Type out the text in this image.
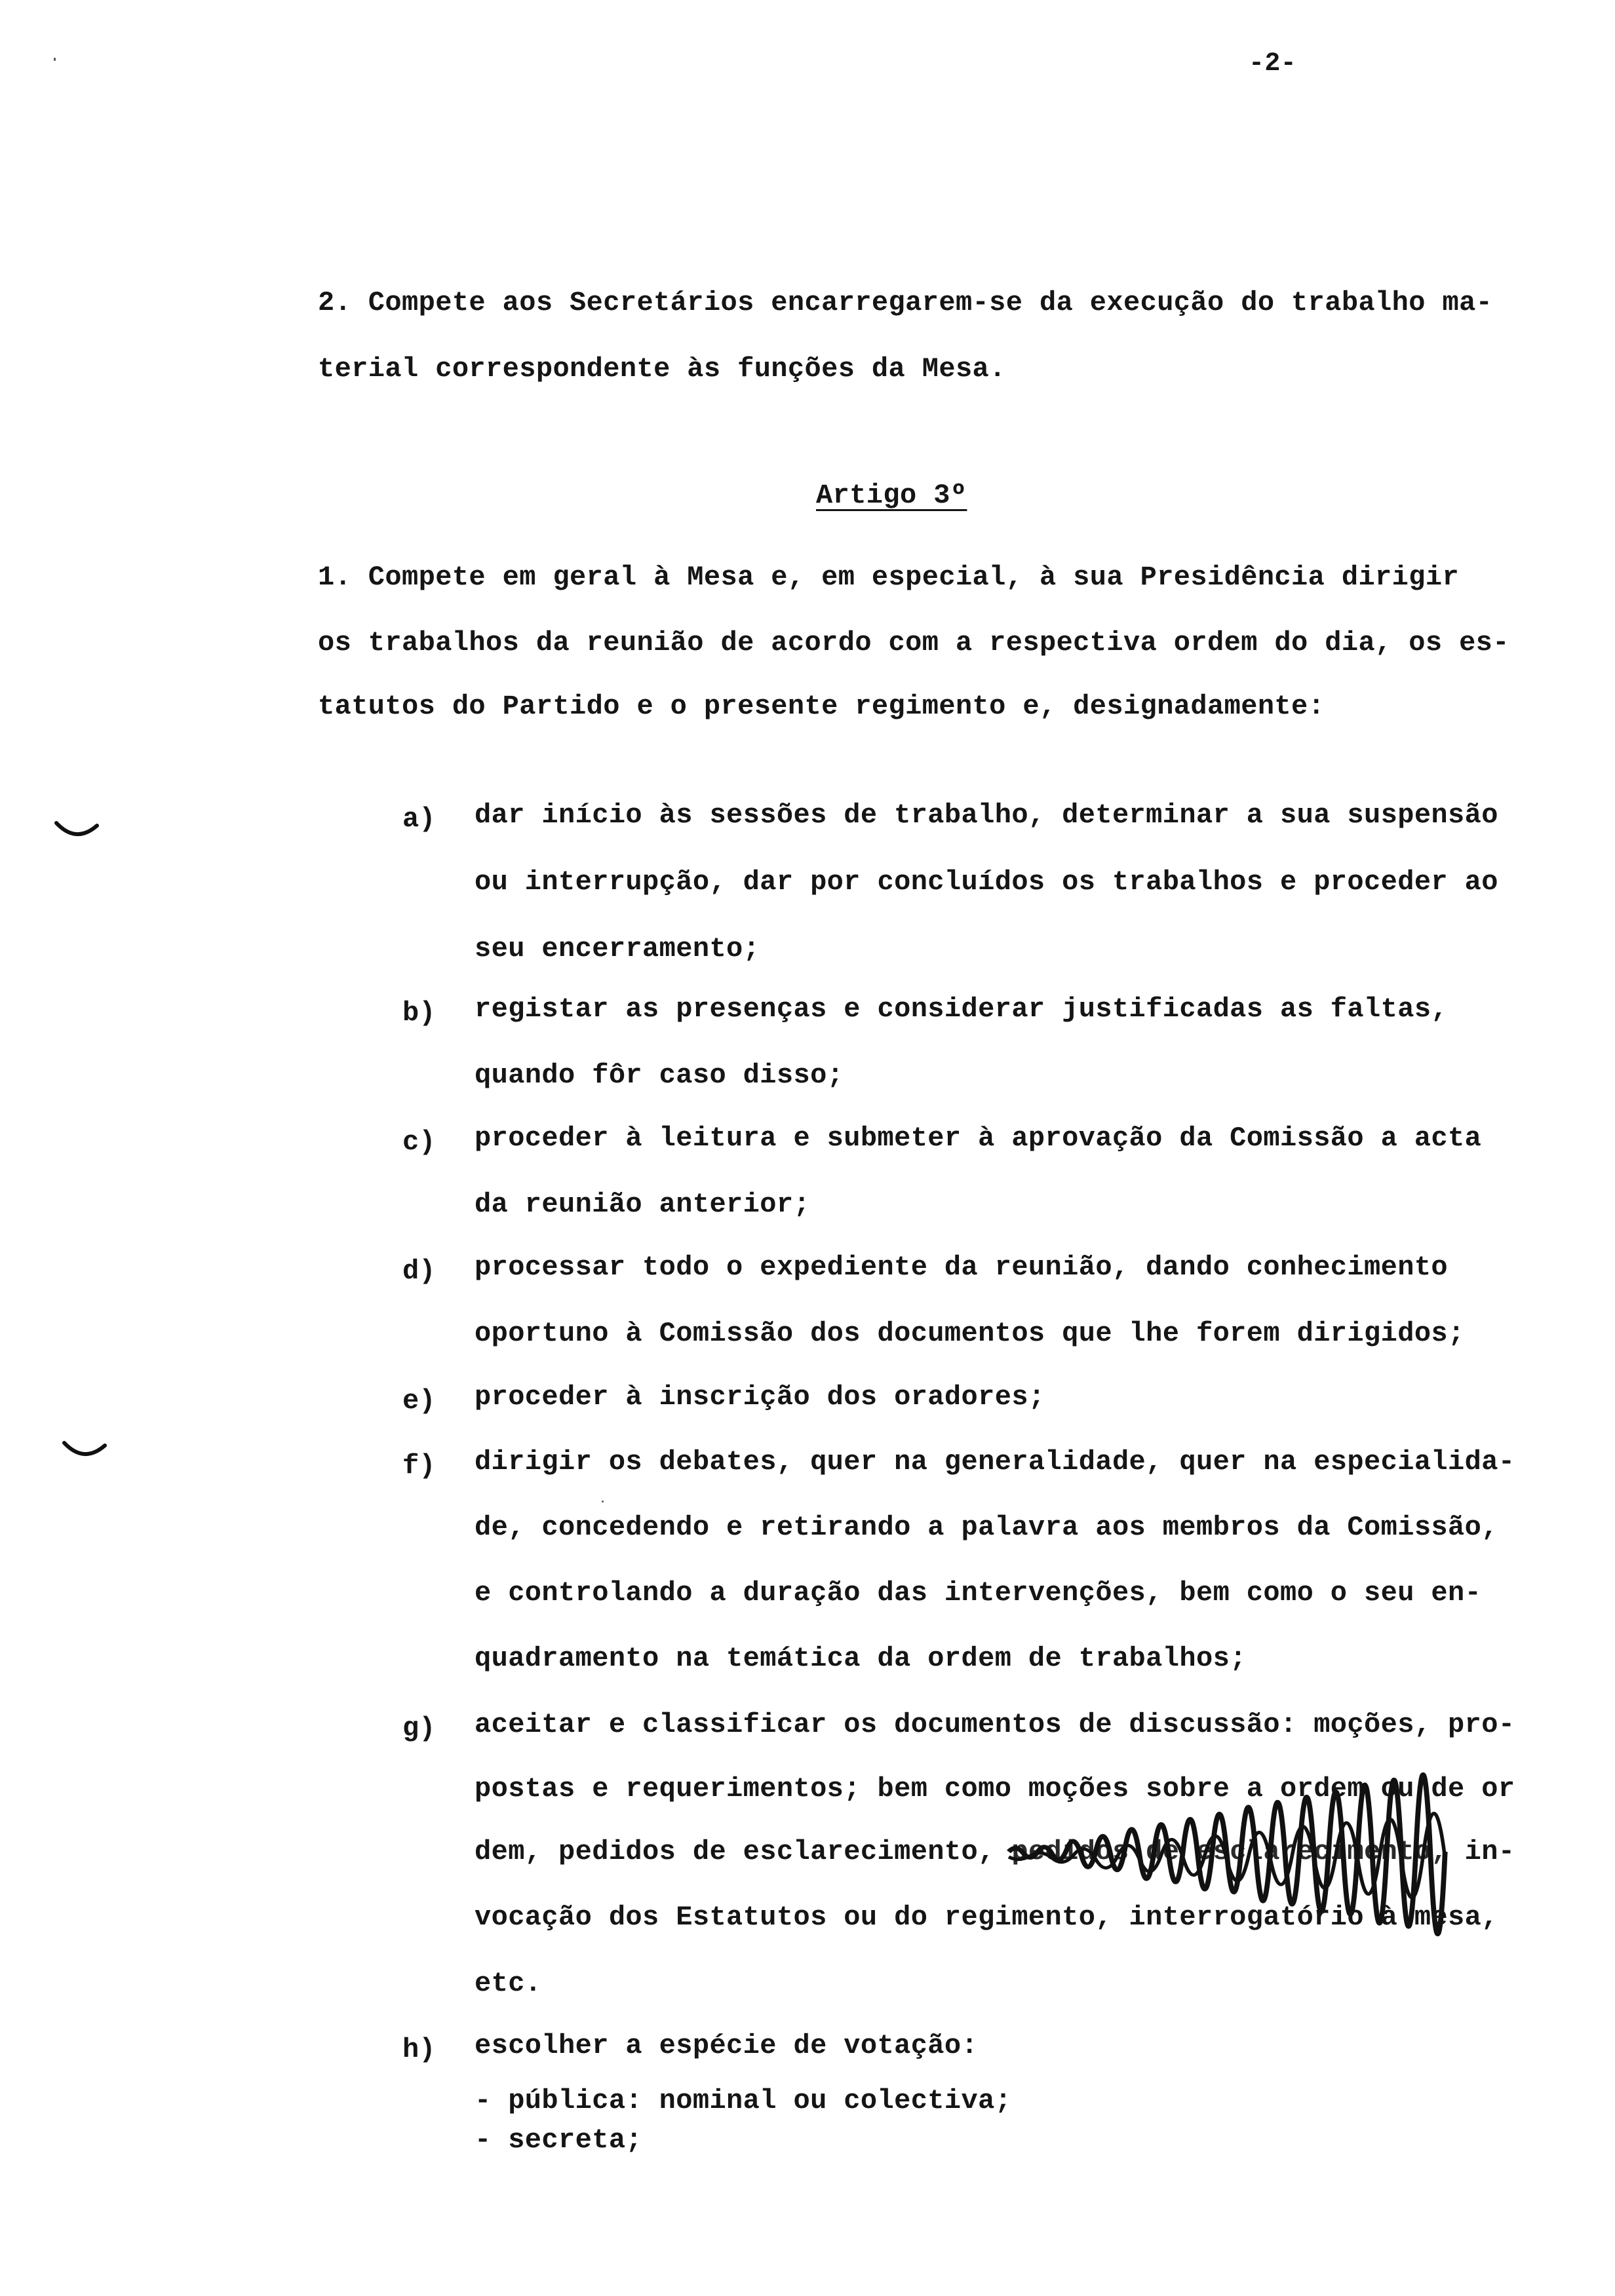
-2-

2. Compete aos Secretários encarregarem-se da execução do trabalho ma-

terial correspondente às funções da Mesa.

Artigo 3º

1. Compete em geral à Mesa e, em especial, à sua Presidência dirigir

os trabalhos da reunião de acordo com a respectiva ordem do dia, os es-

tatutos do Partido e o presente regimento e, designadamente:

a) dar início às sessões de trabalho, determinar a sua suspensão

ou interrupção, dar por concluídos os trabalhos e proceder ao

seu encerramento;

b) registar as presenças e considerar justificadas as faltas,

quando fôr caso disso;

c) proceder à leitura e submeter à aprovação da Comissão a acta

da reunião anterior;

d) processar todo o expediente da reunião, dando conhecimento

oportuno à Comissão dos documentos que lhe forem dirigidos;

e) proceder à inscrição dos oradores;

f) dirigir os debates, quer na generalidade, quer na especialida-

de, concedendo e retirando a palavra aos membros da Comissão,

e controlando a duração das intervenções, bem como o seu en-

quadramento na temática da ordem de trabalhos;

g) aceitar e classificar os documentos de discussão: moções, pro-

postas e requerimentos; bem como moções sobre a ordem ou de or

dem, pedidos de esclarecimento, pedidos de esclarecimento,
in-

vocação dos Estatutos ou do regimento, interrogatório à mesa,

etc.

h) escolher a espécie de votação:

- pública: nominal ou colectiva;

- secreta;
